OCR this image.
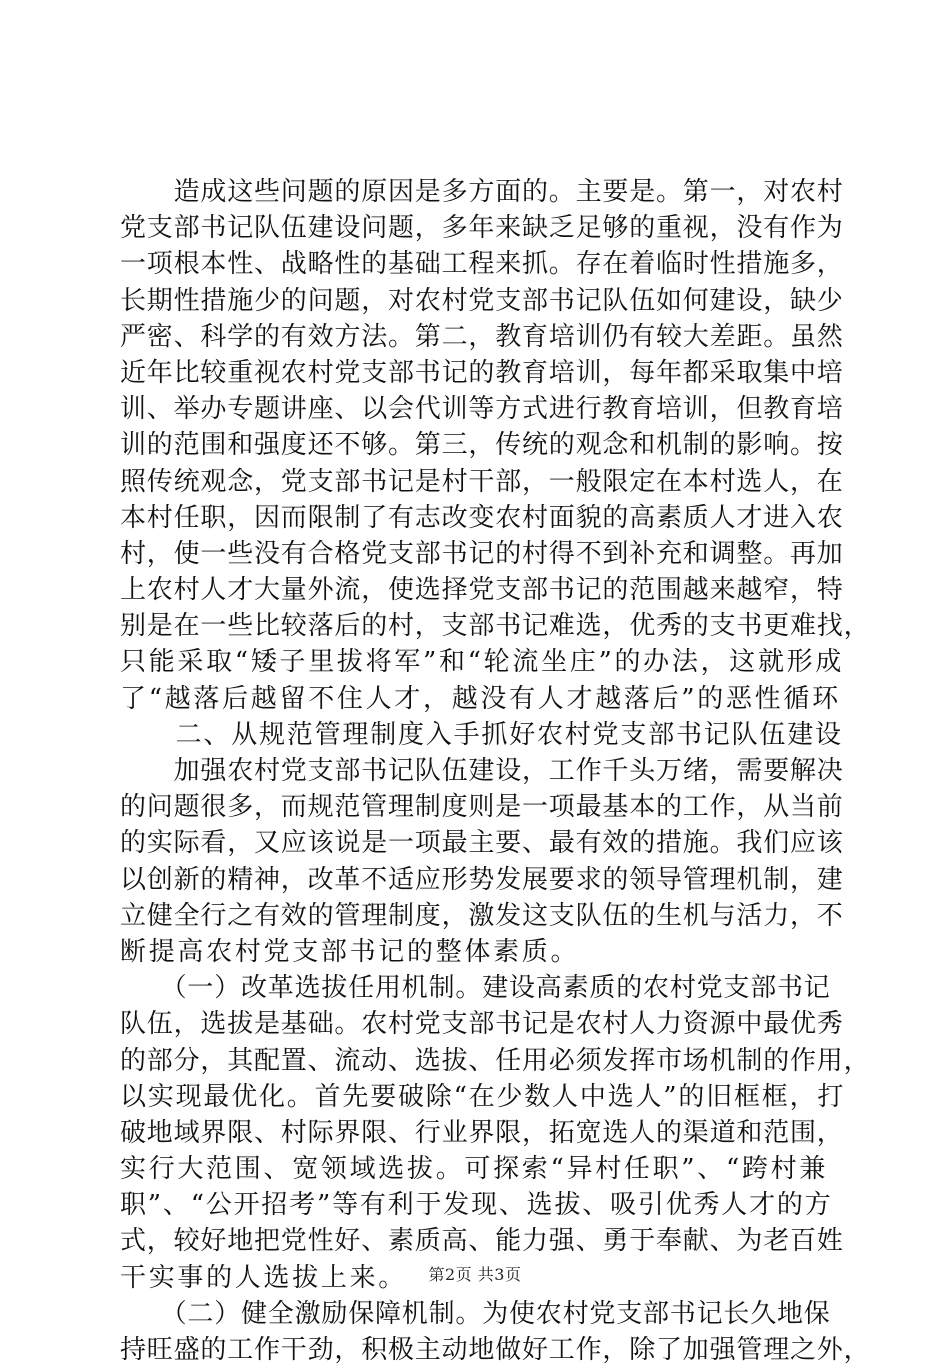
　　造成这些问题的原因是多方面的。主要是。第一，对农村
党支部书记队伍建设问题，多年来缺乏足够的重视，没有作为
一项根本性、战略性的基础工程来抓。存在着临时性措施多，
长期性措施少的问题，对农村党支部书记队伍如何建设，缺少
严密、科学的有效方法。第二，教育培训仍有较大差距。虽然
近年比较重视农村党支部书记的教育培训，每年都采取集中培
训、举办专题讲座、以会代训等方式进行教育培训，但教育培
训的范围和强度还不够。第三，传统的观念和机制的影响。按
照传统观念，党支部书记是村干部，一般限定在本村选人，在
本村任职，因而限制了有志改变农村面貌的高素质人才进入农
村，使一些没有合格党支部书记的村得不到补充和调整。再加
上农村人才大量外流，使选择党支部书记的范围越来越窄，特
别是在一些比较落后的村，支部书记难选，优秀的支书更难找，
只能采取“矮子里拔将军”和“轮流坐庄”的办法，这就形成
了“越落后越留不住人才，越没有人才越落后”的恶性循环
　　二、从规范管理制度入手抓好农村党支部书记队伍建设
　　加强农村党支部书记队伍建设，工作千头万绪，需要解决
的问题很多，而规范管理制度则是一项最基本的工作，从当前
的实际看，又应该说是一项最主要、最有效的措施。我们应该
以创新的精神，改革不适应形势发展要求的领导管理机制，建
立健全行之有效的管理制度，激发这支队伍的生机与活力，不
断提高农村党支部书记的整体素质。
　　（一）改革选拔任用机制。建设高素质的农村党支部书记
队伍，选拔是基础。农村党支部书记是农村人力资源中最优秀
的部分，其配置、流动、选拔、任用必须发挥市场机制的作用，
以实现最优化。首先要破除“在少数人中选人”的旧框框，打
破地域界限、村际界限、行业界限，拓宽选人的渠道和范围，
实行大范围、宽领域选拔。可探索“异村任职”、“跨村兼
职”、“公开招考”等有利于发现、选拔、吸引优秀人才的方
式，较好地把党性好、素质高、能力强、勇于奉献、为老百姓
干实事的人选拔上来。
　　（二）健全激励保障机制。为使农村党支部书记长久地保
持旺盛的工作干劲，积极主动地做好工作，除了加强管理之外，
第2页 共3页
